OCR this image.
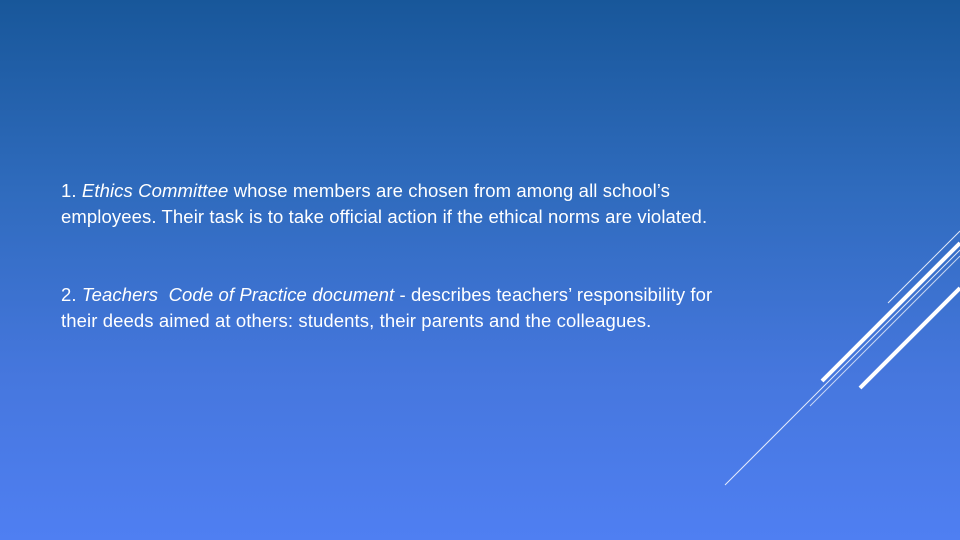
1. Ethics Committee whose members are chosen from among all school’s employees. Their task is to take official action if the ethical norms are violated.

2. Teachers  Code of Practice document - describes teachers’ responsibility for their deeds aimed at others: students, their parents and the colleagues.
